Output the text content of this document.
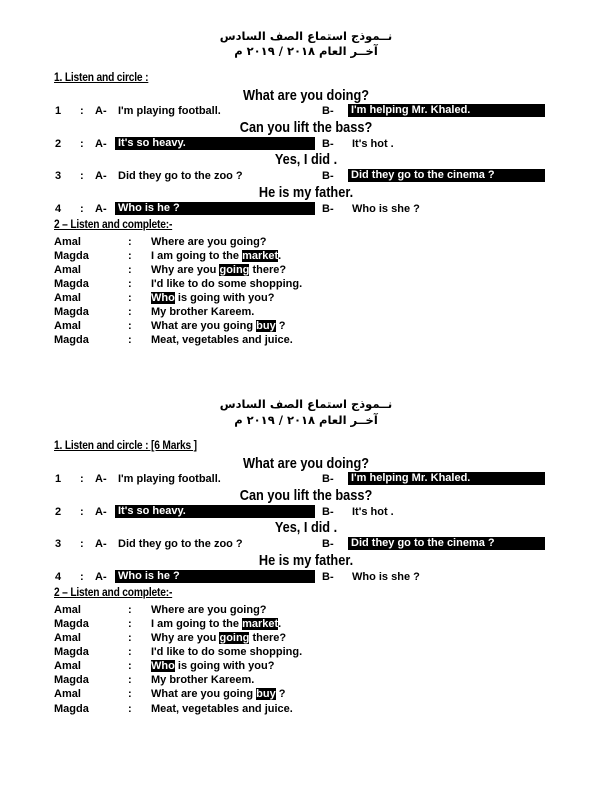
نــموذج استماع الصف السادس
آخــر العام ٢٠١٨ / ٢٠١٩ م
1. Listen and circle :
What are you doing?
1 : A- I'm playing football.	B- I'm helping Mr. Khaled.
Can you lift the bass?
2 : A- It's so heavy.	B- It's hot .
Yes, I did .
3 : A- Did they go to the zoo ?	B- Did they go to the cinema ?
He is my father.
4 : A- Who is he ?	B- Who is she ?
2 – Listen and complete:-
Amal	: Where are you going?
Magda	: I am going to the market.
Amal	: Why are you going there?
Magda	: I'd like to do some shopping.
Amal	: Who is going with you?
Magda	: My brother Kareem.
Amal	: What are you going buy ?
Magda	: Meat, vegetables and juice.
نــموذج استماع الصف السادس
آخــر العام ٢٠١٨ / ٢٠١٩ م
1. Listen and circle : [6 Marks ]
What are you doing?
1 : A- I'm playing football.	B- I'm helping Mr. Khaled.
Can you lift the bass?
2 : A- It's so heavy.	B- It's hot .
Yes, I did .
3 : A- Did they go to the zoo ?	B- Did they go to the cinema ?
He is my father.
4 : A- Who is he ?	B- Who is she ?
2 – Listen and complete:-
Amal	: Where are you going?
Magda	: I am going to the market.
Amal	: Why are you going there?
Magda	: I'd like to do some shopping.
Amal	: Who is going with you?
Magda	: My brother Kareem.
Amal	: What are you going buy ?
Magda	: Meat, vegetables and juice.
